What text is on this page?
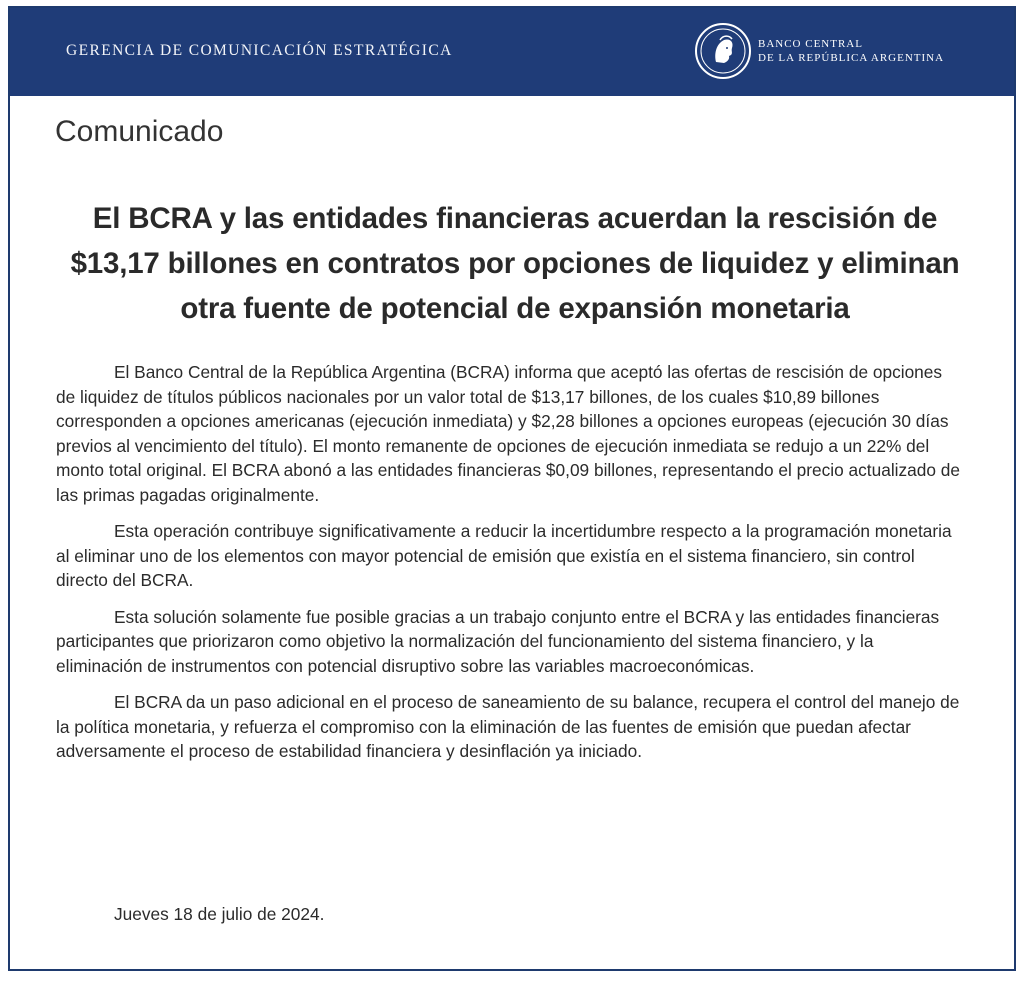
GERENCIA DE COMUNICACIÓN ESTRATÉGICA	BANCO CENTRAL
DE LA REPÚBLICA ARGENTINA
Comunicado
El BCRA y las entidades financieras acuerdan la rescisión de $13,17 billones en contratos por opciones de liquidez y eliminan otra fuente de potencial de expansión monetaria

El Banco Central de la República Argentina (BCRA) informa que aceptó las ofertas de rescisión de opciones de liquidez de títulos públicos nacionales por un valor total de $13,17 billones, de los cuales $10,89 billones corresponden a opciones americanas (ejecución inmediata) y $2,28 billones a opciones europeas (ejecución 30 días previos al vencimiento del título). El monto remanente de opciones de ejecución inmediata se redujo a un 22% del monto total original. El BCRA abonó a las entidades financieras $0,09 billones, representando el precio actualizado de las primas pagadas originalmente.

Esta operación contribuye significativamente a reducir la incertidumbre respecto a la programación monetaria al eliminar uno de los elementos con mayor potencial de emisión que existía en el sistema financiero, sin control directo del BCRA.

Esta solución solamente fue posible gracias a un trabajo conjunto entre el BCRA y las entidades financieras participantes que priorizaron como objetivo la normalización del funcionamiento del sistema financiero, y la eliminación de instrumentos con potencial disruptivo sobre las variables macroeconómicas.

El BCRA da un paso adicional en el proceso de saneamiento de su balance, recupera el control del manejo de la política monetaria, y refuerza el compromiso con la eliminación de las fuentes de emisión que puedan afectar adversamente el proceso de estabilidad financiera y desinflación ya iniciado.

Jueves 18 de julio de 2024.
